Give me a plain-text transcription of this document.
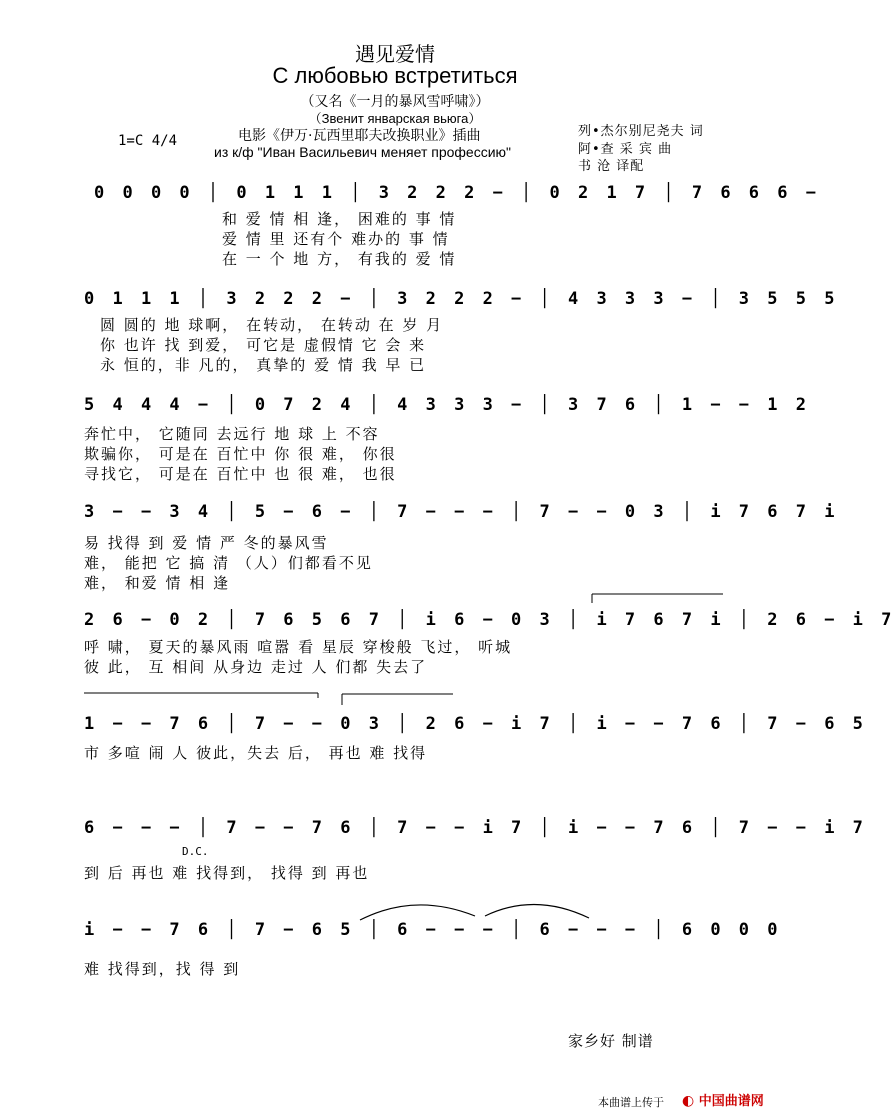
遇见爱情
С любовью встретиться
（又名《一月的暴风雪呼啸》）
（Звенит январская вьюга）
1=C 4/4	电影《伊万·瓦西里耶夫改换职业》插曲
из к/ф "Иван Васильевич меняет профессию"
列•杰尔别尼尧夫 词
阿•查 采 宾 曲
书 沧 译配
0 0 0 0 │ 0 1 1 1 │ 3 2 2 2 − │ 0 2 1 7 │ 7 6 6 6 −
和 爱 情 相 逢， 困难的 事 情
爱 情 里 还有个 难办的 事 情
在 一 个 地 方， 有我的 爱 情
0 1 1 1 │ 3 2 2 2 − │ 3 2 2 2 − │ 4 3 3 3 − │ 3 5 5 5
圆 圆的 地 球啊， 在转动， 在转动 在 岁 月
你 也许 找 到爱， 可它是 虚假情 它 会 来
永 恒的，非 凡的， 真挚的 爱 情 我 早 已
5 4 4 4 − │ 0 7 2 4 │ 4 3 3 3 − │ 3 7 6 │ 1 − − 1 2
奔忙中， 它随同 去远行 地 球 上 不容
欺骗你， 可是在 百忙中 你 很 难， 你很
寻找它， 可是在 百忙中 也 很 难， 也很
3 − − 3 4 │ 5 − 6 − │ 7 − − − │ 7 − − 0 3 │ i 7 6 7 i
易 找得 到 爱 情 严 冬的暴风雪
难， 能把 它 搞 清 （人）们都看不见
难， 和爱 情 相 逢
2 6 − 0 2 │ 7 6 5 6 7 │ i 6 − 0 3 │ i 7 6 7 i │ 2 6 − i 7
呼 啸， 夏天的暴风雨 喧嚣 看 星辰 穿梭般 飞过， 听城
彼 此， 互 相间 从身边 走过 人 们都 失去了
1 − − 7 6 │ 7 − − 0 3 │ 2 6 − i 7 │ i − − 7 6 │ 7 − 6 5
市 多喧 闹 人 彼此，失去 后， 再也 难 找得
6 − − − │ 7 − − 7 6 │ 7 − − i 7 │ i − − 7 6 │ 7 − − i 7
D.C.
到 后 再也 难 找得到， 找得 到 再也
i − − 7 6 │ 7 − 6 5 │ 6 − − − │ 6 − − − │ 6 0 0 0
难 找得到，找 得 到
家乡好 制谱
本曲谱上传于 ◐ 中国曲谱网
